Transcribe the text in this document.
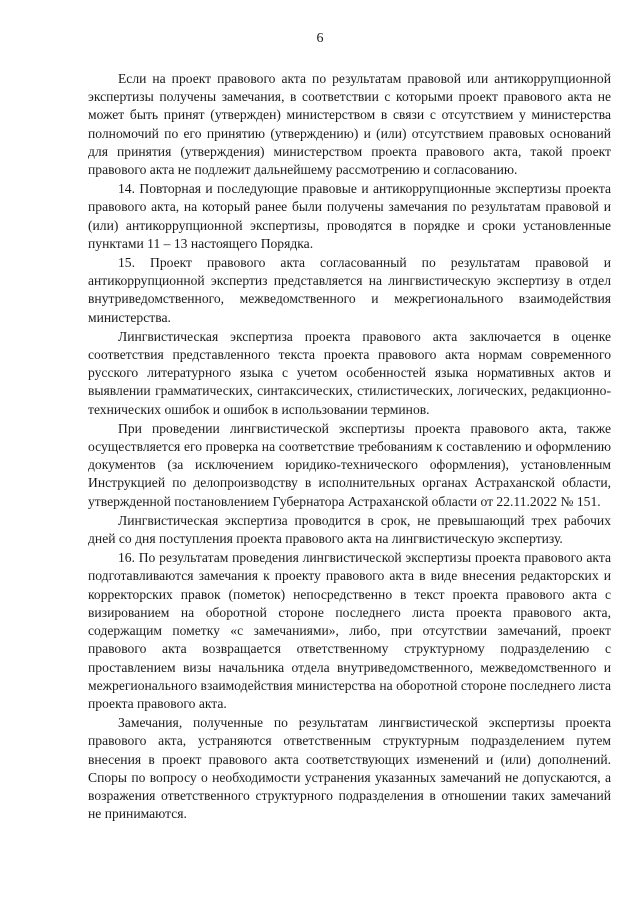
6

Если на проект правового акта по результатам правовой или антикоррупционной экспертизы получены замечания, в соответствии с которыми проект правового акта не может быть принят (утвержден) министерством в связи с отсутствием у министерства полномочий по его принятию (утверждению) и (или) отсутствием правовых оснований для принятия (утверждения) министерством проекта правового акта, такой проект правового акта не подлежит дальнейшему рассмотрению и согласованию.

14. Повторная и последующие правовые и антикоррупционные экспертизы проекта правового акта, на который ранее были получены замечания по результатам правовой и (или) антикоррупционной экспертизы, проводятся в порядке и сроки установленные пунктами 11 – 13 настоящего Порядка.

15. Проект правового акта согласованный по результатам правовой и антикоррупционной экспертиз представляется на лингвистическую экспертизу в отдел внутриведомственного, межведомственного и межрегионального взаимодействия министерства.

Лингвистическая экспертиза проекта правового акта заключается в оценке соответствия представленного текста проекта правового акта нормам современного русского литературного языка с учетом особенностей языка нормативных актов и выявлении грамматических, синтаксических, стилистических, логических, редакционно-технических ошибок и ошибок в использовании терминов.

При проведении лингвистической экспертизы проекта правового акта, также осуществляется его проверка на соответствие требованиям к составлению и оформлению документов (за исключением юридико-технического оформления), установленным Инструкцией по делопроизводству в исполнительных органах Астраханской области, утвержденной постановлением Губернатора Астраханской области от 22.11.2022 № 151.

Лингвистическая экспертиза проводится в срок, не превышающий трех рабочих дней со дня поступления проекта правового акта на лингвистическую экспертизу.

16. По результатам проведения лингвистической экспертизы проекта правового акта подготавливаются замечания к проекту правового акта в виде внесения редакторских и корректорских правок (пометок) непосредственно в текст проекта правового акта с визированием на оборотной стороне последнего листа проекта правового акта, содержащим пометку «с замечаниями», либо, при отсутствии замечаний, проект правового акта возвращается ответственному структурному подразделению с проставлением визы начальника отдела внутриведомственного, межведомственного и межрегионального взаимодействия министерства на оборотной стороне последнего листа проекта правового акта.

Замечания, полученные по результатам лингвистической экспертизы проекта правового акта, устраняются ответственным структурным подразделением путем внесения в проект правового акта соответствующих изменений и (или) дополнений. Споры по вопросу о необходимости устранения указанных замечаний не допускаются, а возражения ответственного структурного подразделения в отношении таких замечаний не принимаются.
